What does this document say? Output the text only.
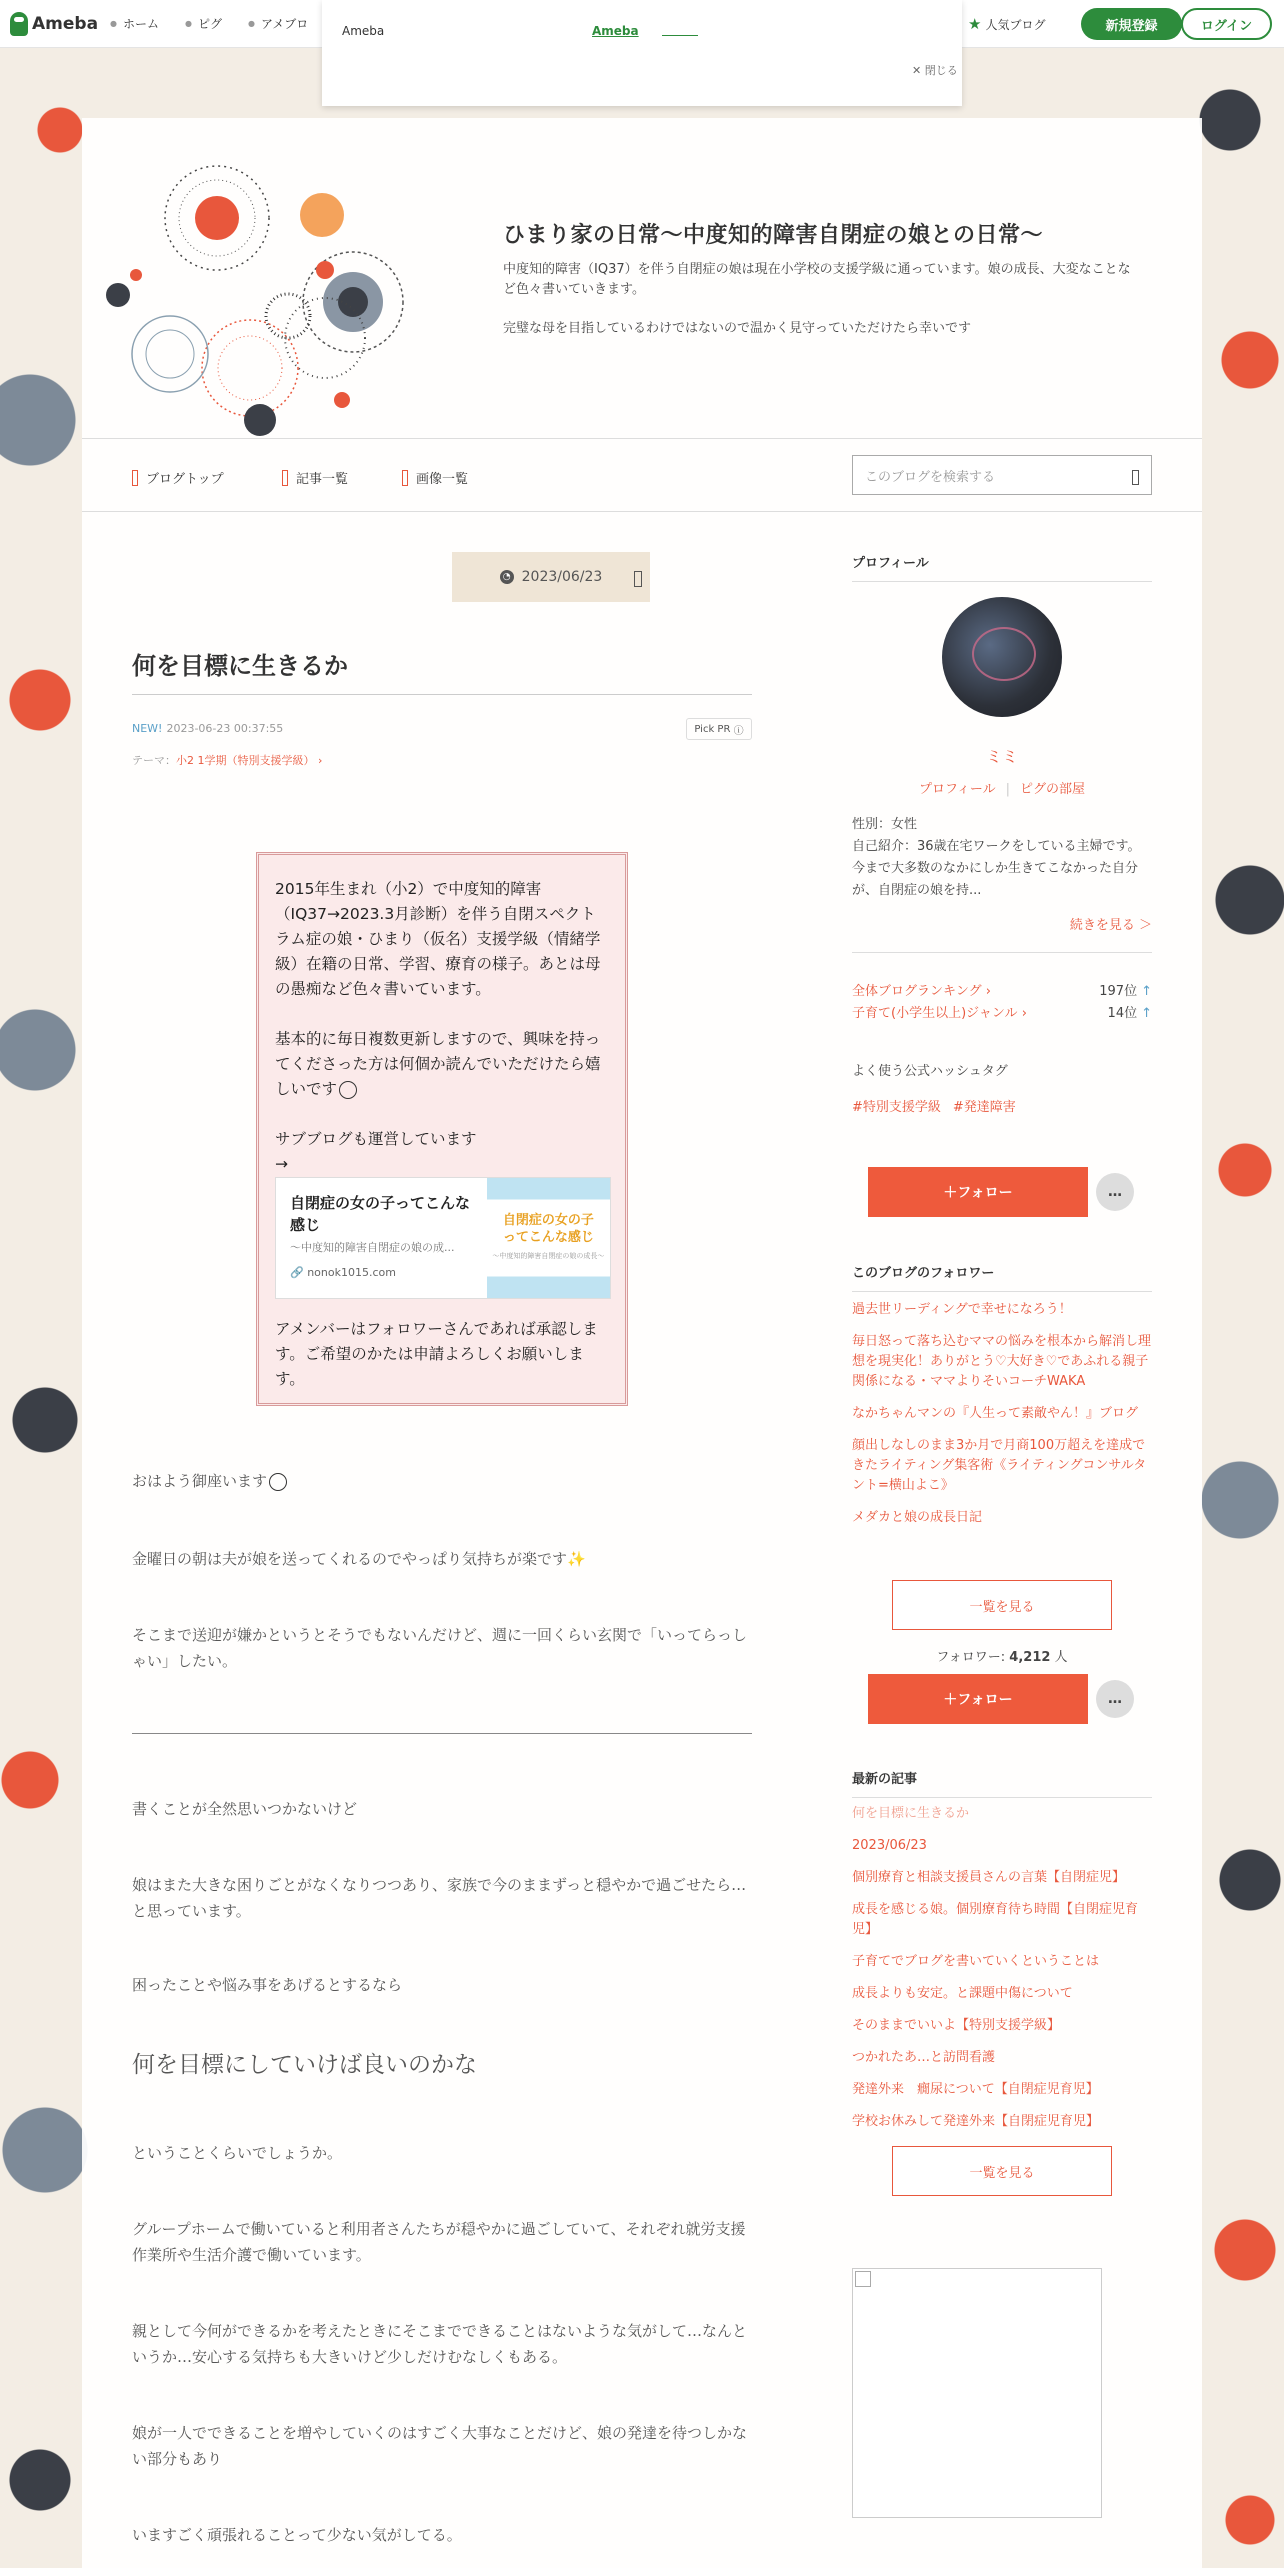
Ameba ● ホーム	● ピグ	● アメブロ	★ 人気ブログ	新規登録	ログイン
Ameba	Ameba
✕ 閉じる
ひまり家の日常〜中度知的障害自閉症の娘との日常〜

中度知的障害（IQ37）を伴う自閉症の娘は現在小学校の支援学級に通っています。娘の成長、大変なことなど色々書いていきます。

完璧な母を目指しているわけではないので温かく見守っていただけたら幸いです

ブログトップ	記事一覧	画像一覧	このブログを検索する
◔ 2023/06/23
何を目標に生きるか
NEW! 2023-06-23 00:37:55	Pick PR
ⓘ
テーマ：小2 1学期（特別支援学級） ›

2015年生まれ（小2）で中度知的障害（IQ37→2023.3月診断）を伴う自閉スペクトラム症の娘・ひまり（仮名）支援学級（情緒学級）在籍の日常、学習、療育の様子。あとは母の愚痴など色々書いています。

基本的に毎日複数更新しますので、興味を持ってくださった方は何個か読んでいただけたら嬉しいです

サブブログも運営しています
→
自閉症の女の子ってこんな感じ
〜中度知的障害自閉症の娘の成...
🔗 nonok1015.com
自閉症の女の子
ってこんな感じ
〜中度知的障害自閉症の娘の成長〜

アメンバーはフォロワーさんであれば承認します。ご希望のかたは申請よろしくお願いします。

おはよう御座います
金曜日の朝は夫が娘を送ってくれるのでやっぱり気持ちが楽です✨
そこまで送迎が嫌かというとそうでもないんだけど、週に一回くらい玄関で「いってらっしゃい」したい。
書くことが全然思いつかないけど
娘はまた大きな困りごとがなくなりつつあり、家族で今のままずっと穏やかで過ごせたら…と思っています。
困ったことや悩み事をあげるとするなら
何を目標にしていけば良いのかな
ということくらいでしょうか。
グループホームで働いていると利用者さんたちが穏やかに過ごしていて、それぞれ就労支援作業所や生活介護で働いています。
親として今何ができるかを考えたときにそこまでできることはないような気がして…なんというか…安心する気持ちも大きいけど少しだけむなしくもある。
娘が一人でできることを増やしていくのはすごく大事なことだけど、娘の発達を待つしかない部分もあり
いますごく頑張れることって少ない気がしてる。
プロフィール
ミミ
プロフィール | ピグの部屋
性別：女性
自己紹介：36歳在宅ワークをしている主婦です。今まで大多数のなかにしか生きてこなかった自分が、自閉症の娘を持...
続きを見る ＞
全体ブログランキング ›	197位 ↑
子育て(小学生以上)ジャンル ›	14位 ↑
よく使う公式ハッシュタグ
#特別支援学級 #発達障害
＋フォロー	…
このブログのフォロワー
過去世リーディングで幸せになろう！
毎日怒って落ち込むママの悩みを根本から解消し理想を現実化！ありがとう♡大好き♡であふれる親子関係になる・ママよりそいコーチWAKA
なかちゃんマンの『人生って素敵やん！』ブログ
顔出しなしのまま3か月で月商100万超えを達成できたライティング集客術《ライティングコンサルタント=横山よこ》
メダカと娘の成長日記
一覧を見る
フォロワー: 4,212 人
＋フォロー	…
最新の記事
何を目標に生きるか
2023/06/23
個別療育と相談支援員さんの言葉【自閉症児】
成長を感じる娘。個別療育待ち時間【自閉症児育児】
子育てでブログを書いていくということは
成長よりも安定。と課題中傷について
そのままでいいよ【特別支援学級】
つかれたあ…と訪問看護
発達外来　癇尿について【自閉症児育児】
学校お休みして発達外来【自閉症児育児】
一覧を見る
